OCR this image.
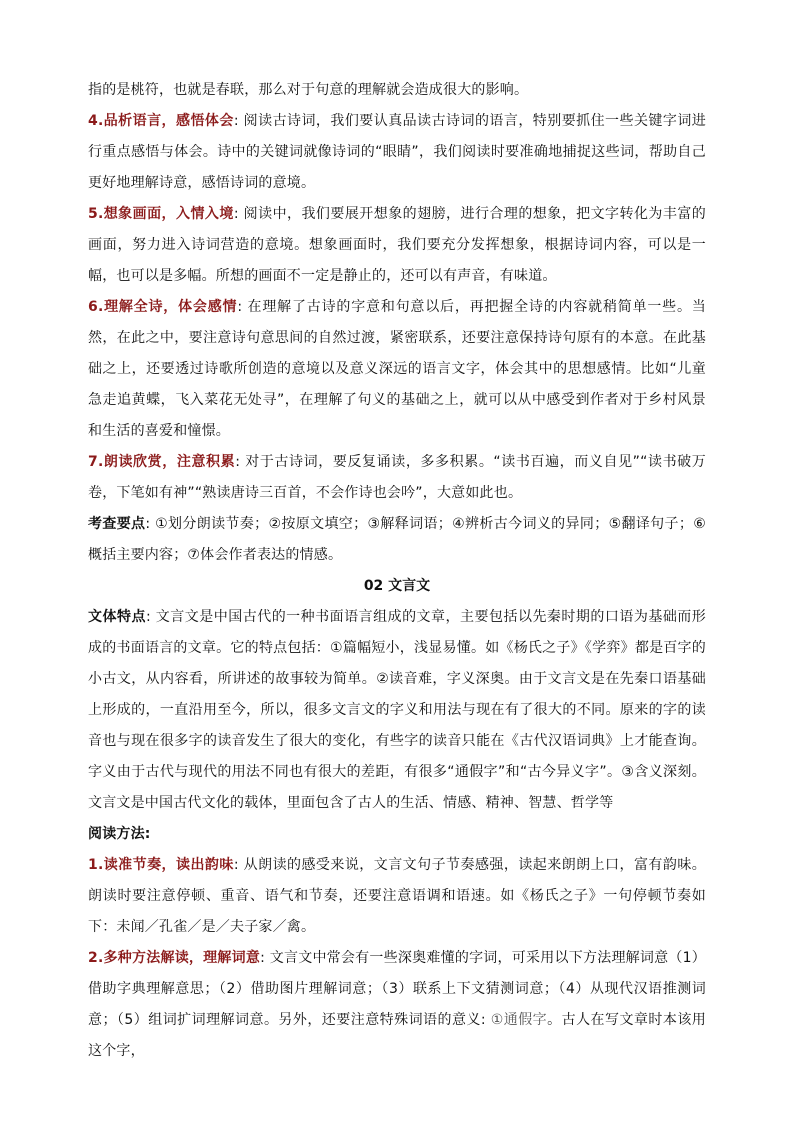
指的是桃符，也就是春联，那么对于句意的理解就会造成很大的影响。

4.品析语言，感悟体会: 阅读古诗词，我们要认真品读古诗词的语言，特别要抓住一些关键字词进行重点感悟与体会。诗中的关键词就像诗词的“眼睛”，我们阅读时要准确地捕捉这些词，帮助自己更好地理解诗意，感悟诗词的意境。

5.想象画面，入情入境: 阅读中，我们要展开想象的翅膀，进行合理的想象，把文字转化为丰富的画面，努力进入诗词营造的意境。想象画面时，我们要充分发挥想象，根据诗词内容，可以是一幅，也可以是多幅。所想的画面不一定是静止的，还可以有声音，有味道。

6.理解全诗，体会感情: 在理解了古诗的字意和句意以后，再把握全诗的内容就稍简单一些。当然，在此之中，要注意诗句意思间的自然过渡，紧密联系，还要注意保持诗句原有的本意。在此基础之上，还要透过诗歌所创造的意境以及意义深远的语言文字，体会其中的思想感情。比如“儿童急走追黄蝶，飞入菜花无处寻”，在理解了句义的基础之上，就可以从中感受到作者对于乡村风景和生活的喜爱和憧憬。

7.朗读欣赏，注意积累: 对于古诗词，要反复诵读，多多积累。“读书百遍，而义自见”“读书破万卷，下笔如有神”“熟读唐诗三百首，不会作诗也会吟”，大意如此也。

考查要点: ①划分朗读节奏；②按原文填空；③解释词语；④辨析古今词义的异同；⑤翻译句子；⑥概括主要内容；⑦体会作者表达的情感。

02 文言文

文体特点: 文言文是中国古代的一种书面语言组成的文章，主要包括以先秦时期的口语为基础而形成的书面语言的文章。它的特点包括：①篇幅短小，浅显易懂。如《杨氏之子》《学弈》都是百字的小古文，从内容看，所讲述的故事较为简单。②读音难，字义深奥。由于文言文是在先秦口语基础上形成的，一直沿用至今，所以，很多文言文的字义和用法与现在有了很大的不同。原来的字的读音也与现在很多字的读音发生了很大的变化，有些字的读音只能在《古代汉语词典》上才能查询。字义由于古代与现代的用法不同也有很大的差距，有很多“通假字”和“古今异义字”。③含义深刻。文言文是中国古代文化的载体，里面包含了古人的生活、情感、精神、智慧、哲学等

阅读方法:

1.读准节奏，读出韵味: 从朗读的感受来说，文言文句子节奏感强，读起来朗朗上口，富有韵味。朗读时要注意停顿、重音、语气和节奏，还要注意语调和语速。如《杨氏之子》一句停顿节奏如下：未闻／孔雀／是／夫子家／禽。

2.多种方法解读，理解词意: 文言文中常会有一些深奥难懂的字词，可采用以下方法理解词意（1）借助字典理解意思；（2）借助图片理解词意；（3）联系上下文猜测词意；（4）从现代汉语推测词意；（5）组词扩词理解词意。另外，还要注意特殊词语的意义: ①通假字。古人在写文章时本该用这个字，
